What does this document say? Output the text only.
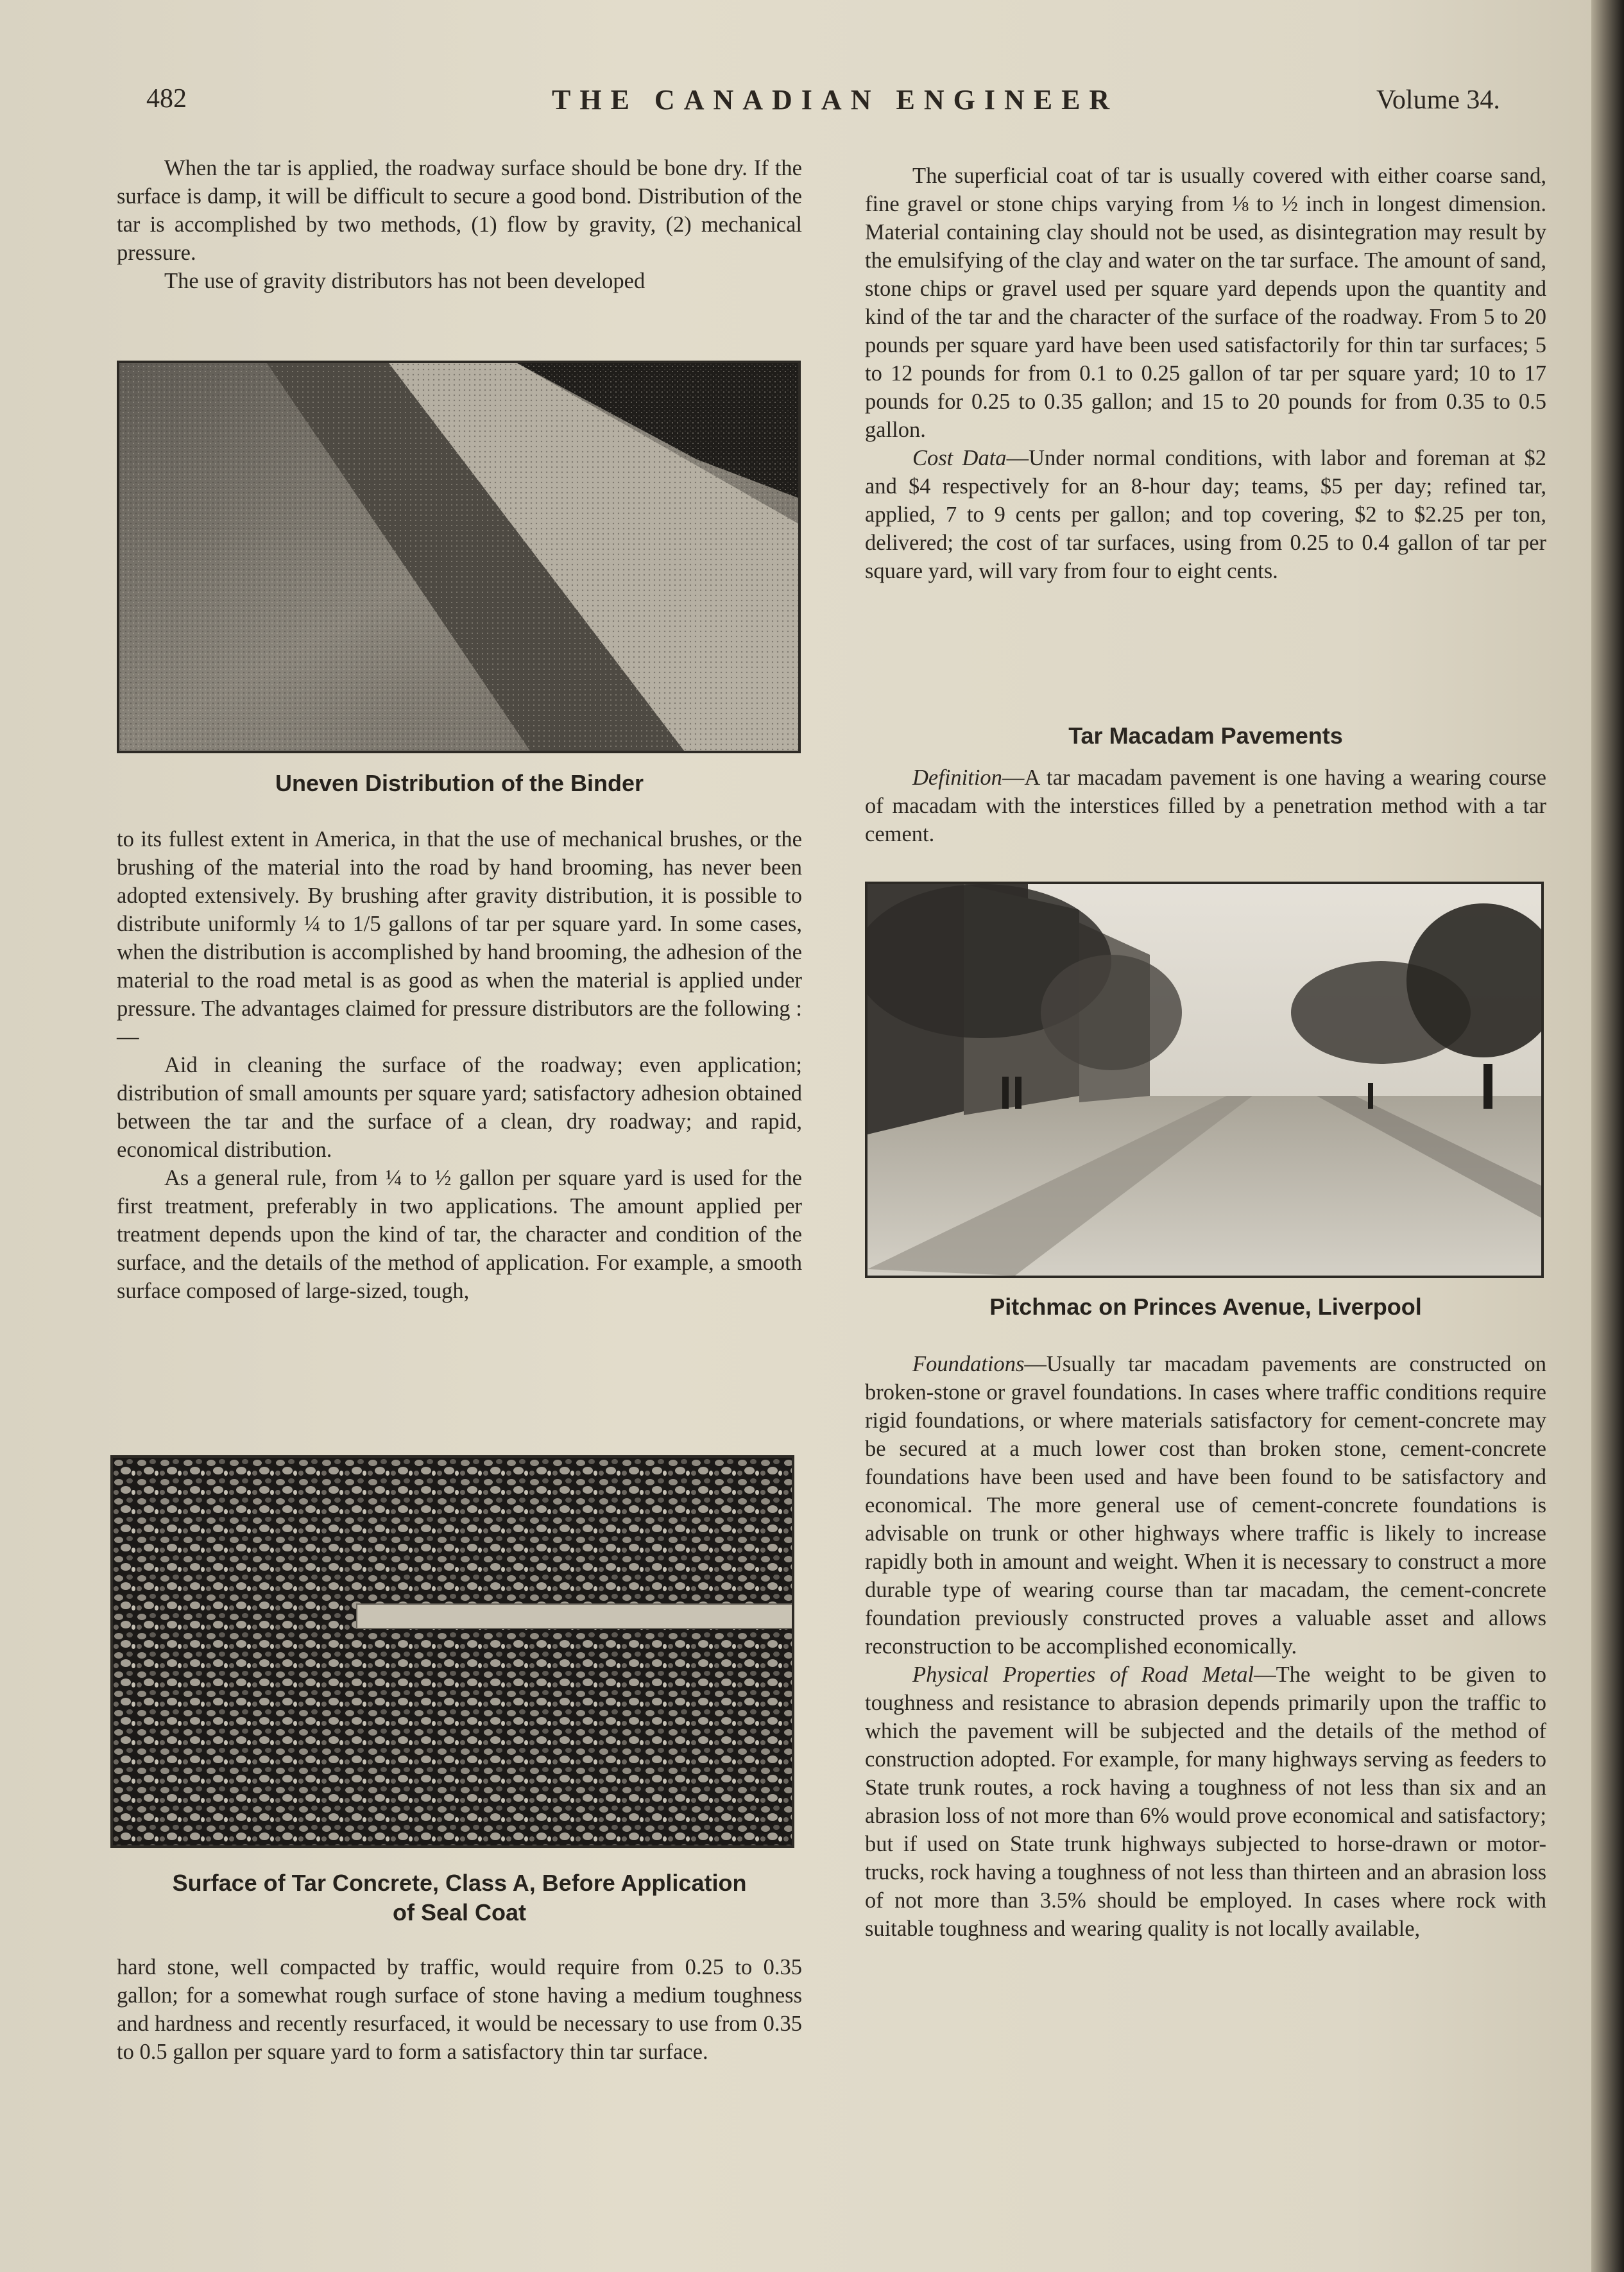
482	THE CANADIAN ENGINEER	Volume 34.

When the tar is applied, the roadway surface should be bone dry. If the surface is damp, it will be difficult to secure a good bond. Distribution of the tar is accomplished by two methods, (1) flow by gravity, (2) mechanical pressure.

The use of gravity distributors has not been developed

Uneven Distribution of the Binder

to its fullest extent in America, in that the use of mechanical brushes, or the brushing of the material into the road by hand brooming, has never been adopted extensively. By brushing after gravity distribution, it is possible to distribute uniformly ¼ to 1/5 gallons of tar per square yard. In some cases, when the distribution is accomplished by hand brooming, the adhesion of the material to the road metal is as good as when the material is applied under pressure. The advantages claimed for pressure distributors are the following :—

Aid in cleaning the surface of the roadway; even application; distribution of small amounts per square yard; satisfactory adhesion obtained between the tar and the surface of a clean, dry roadway; and rapid, economical distribution.

As a general rule, from ¼ to ½ gallon per square yard is used for the first treatment, preferably in two applications. The amount applied per treatment depends upon the kind of tar, the character and condition of the surface, and the details of the method of application. For example, a smooth surface composed of large-sized, tough,

Surface of Tar Concrete, Class A, Before Application
of Seal Coat

hard stone, well compacted by traffic, would require from 0.25 to 0.35 gallon; for a somewhat rough surface of stone having a medium toughness and hardness and recently resurfaced, it would be necessary to use from 0.35 to 0.5 gallon per square yard to form a satisfactory thin tar surface.

The superficial coat of tar is usually covered with either coarse sand, fine gravel or stone chips varying from ⅛ to ½ inch in longest dimension. Material containing clay should not be used, as disintegration may result by the emulsifying of the clay and water on the tar surface. The amount of sand, stone chips or gravel used per square yard depends upon the quantity and kind of the tar and the character of the surface of the roadway. From 5 to 20 pounds per square yard have been used satisfactorily for thin tar surfaces; 5 to 12 pounds for from 0.1 to 0.25 gallon of tar per square yard; 10 to 17 pounds for 0.25 to 0.35 gallon; and 15 to 20 pounds for from 0.35 to 0.5 gallon.

Cost Data—Under normal conditions, with labor and foreman at $2 and $4 respectively for an 8-hour day; teams, $5 per day; refined tar, applied, 7 to 9 cents per gallon; and top covering, $2 to $2.25 per ton, delivered; the cost of tar surfaces, using from 0.25 to 0.4 gallon of tar per square yard, will vary from four to eight cents.

Tar Macadam Pavements

Definition—A tar macadam pavement is one having a wearing course of macadam with the interstices filled by a penetration method with a tar cement.

Pitchmac on Princes Avenue, Liverpool

Foundations—Usually tar macadam pavements are constructed on broken-stone or gravel foundations. In cases where traffic conditions require rigid foundations, or where materials satisfactory for cement-concrete may be secured at a much lower cost than broken stone, cement-concrete foundations have been used and have been found to be satisfactory and economical. The more general use of cement-concrete foundations is advisable on trunk or other highways where traffic is likely to increase rapidly both in amount and weight. When it is necessary to construct a more durable type of wearing course than tar macadam, the cement-concrete foundation previously constructed proves a valuable asset and allows reconstruction to be accomplished economically.

Physical Properties of Road Metal—The weight to be given to toughness and resistance to abrasion depends primarily upon the traffic to which the pavement will be subjected and the details of the method of construction adopted. For example, for many highways serving as feeders to State trunk routes, a rock having a toughness of not less than six and an abrasion loss of not more than 6% would prove economical and satisfactory; but if used on State trunk highways subjected to horse-drawn or motor-trucks, rock having a toughness of not less than thirteen and an abrasion loss of not more than 3.5% should be employed. In cases where rock with suitable toughness and wearing quality is not locally available,
